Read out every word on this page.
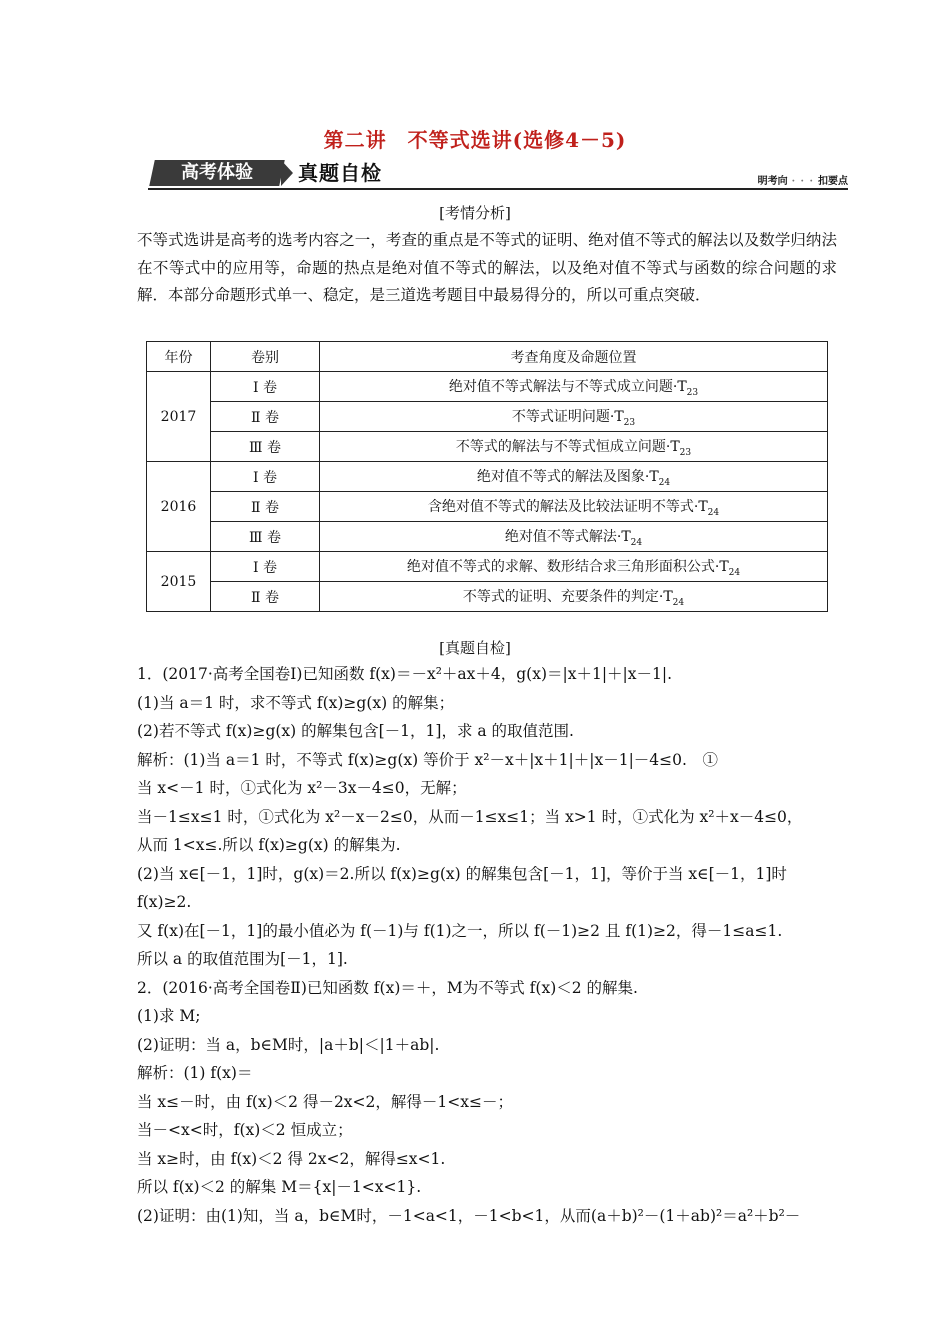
第二讲　不等式选讲(选修4－5)
高考体验	真题自检	明考向 · · · 扣要点
[考情分析]
不等式选讲是高考的选考内容之一，考查的重点是不等式的证明、绝对值不等式的解法以及数学归纳法在不等式中的应用等，命题的热点是绝对值不等式的解法，以及绝对值不等式与函数的综合问题的求解．本部分命题形式单一、稳定，是三道选考题目中最易得分的，所以可重点突破．
年份	卷别	考查角度及命题位置
2017	Ⅰ 卷	绝对值不等式解法与不等式成立问题$\cdot T_{23}$
	Ⅱ 卷	不等式证明问题$\cdot T_{23}$
	Ⅲ 卷	不等式的解法与不等式恒成立问题$\cdot T_{23}$
2016	Ⅰ 卷	绝对值不等式的解法及图象$\cdot T_{24}$
	Ⅱ 卷	含绝对值不等式的解法及比较法证明不等式$\cdot T_{24}$
	Ⅲ 卷	绝对值不等式解法$\cdot T_{24}$
2015	Ⅰ 卷	绝对值不等式的求解、数形结合求三角形面积公式$\cdot T_{24}$
	Ⅱ 卷	不等式的证明、充要条件的判定$\cdot T_{24}$
[真题自检]
1．(2017·高考全国卷Ⅰ)已知函数 f(x)＝－x²＋ax＋4，g(x)＝|x＋1|＋|x－1|.
(1)当 a＝1 时，求不等式 f(x)≥g(x) 的解集；
(2)若不等式 f(x)≥g(x) 的解集包含[－1，1]，求 a 的取值范围.
解析：(1)当 a＝1 时，不等式 f(x)≥g(x) 等价于 x²－x＋|x＋1|＋|x－1|－4≤0.　①
当 x<－1 时，①式化为 x²－3x－4≤0，无解；
当－1≤x≤1 时，①式化为 x²－x－2≤0，从而－1≤x≤1；当 x>1 时，①式化为 x²＋x－4≤0，
从而 1<x≤.所以 f(x)≥g(x) 的解集为.
(2)当 x∈[－1，1]时，g(x)＝2.所以 f(x)≥g(x) 的解集包含[－1，1]，等价于当 x∈[－1，1]时
f(x)≥2.
又 f(x)在[－1，1]的最小值必为 f(－1)与 f(1)之一，所以 f(－1)≥2 且 f(1)≥2，得－1≤a≤1.
所以 a 的取值范围为[－1，1].
2．(2016·高考全国卷Ⅱ)已知函数 f(x)＝＋，M为不等式 f(x)＜2 的解集.
(1)求 M;
(2)证明：当 a，b∈M时，|a＋b|＜|1＋ab|.
解析：(1) f(x)＝
当 x≤－时，由 f(x)＜2 得－2x<2，解得－1<x≤－；
当－<x<时，f(x)＜2 恒成立；
当 x≥时，由 f(x)＜2 得 2x<2，解得≤x<1.
所以 f(x)＜2 的解集 M＝{x|－1<x<1}.
(2)证明：由(1)知，当 a，b∈M时，－1<a<1，－1<b<1，从而(a＋b)²－(1＋ab)²＝a²＋b²－
